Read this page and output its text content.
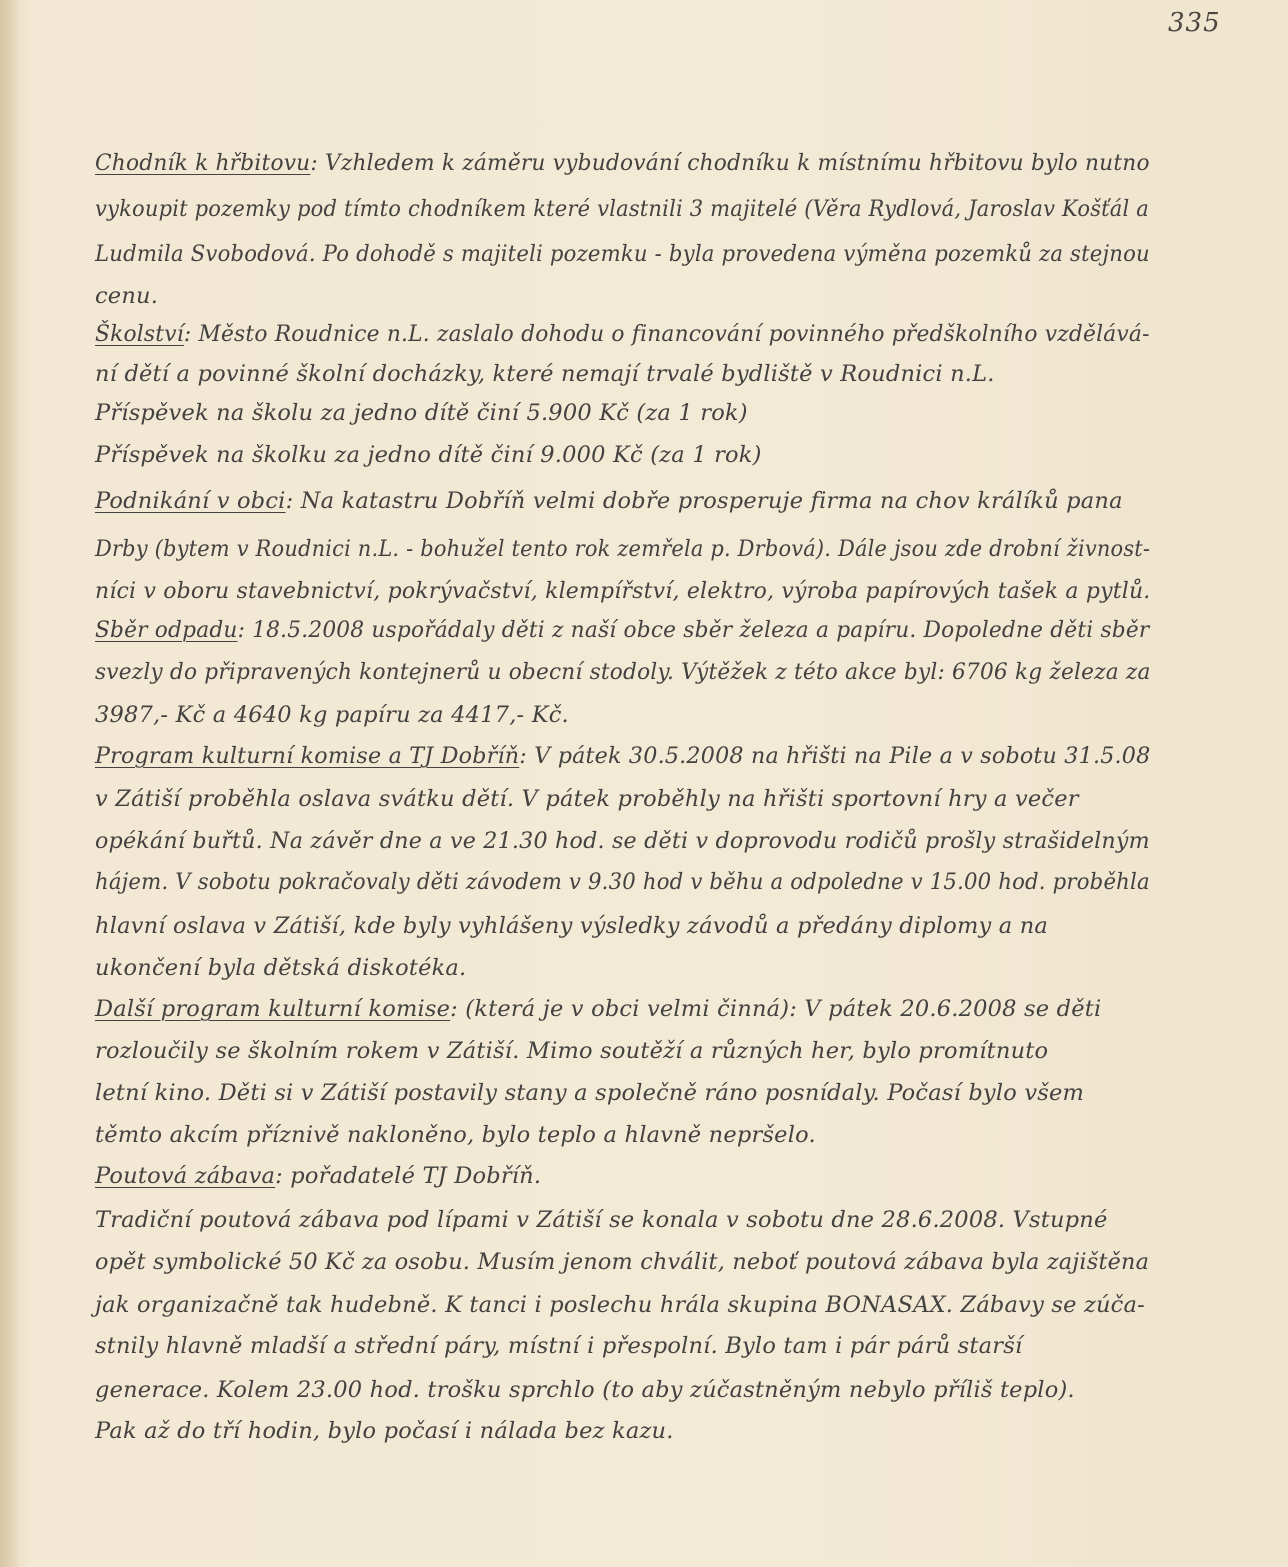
335
Chodník k hřbitovu: Vzhledem k záměru vybudování chodníku k místnímu hřbitovu bylo nutno
vykoupit pozemky pod tímto chodníkem které vlastnili 3 majitelé (Věra Rydlová, Jaroslav Košťál a
Ludmila Svobodová. Po dohodě s majiteli pozemku - byla provedena výměna pozemků za stejnou
cenu.
Školství: Město Roudnice n.L. zaslalo dohodu o financování povinného předškolního vzdělává-
ní dětí a povinné školní docházky, které nemají trvalé bydliště v Roudnici n.L.
Příspěvek na školu za jedno dítě činí 5.900 Kč (za 1 rok)
Příspěvek na školku za jedno dítě činí 9.000 Kč (za 1 rok)
Podnikání v obci: Na katastru Dobříň velmi dobře prosperuje firma na chov králíků pana
Drby (bytem v Roudnici n.L. - bohužel tento rok zemřela p. Drbová). Dále jsou zde drobní živnost-
níci v oboru stavebnictví, pokrývačství, klempířství, elektro, výroba papírových tašek a pytlů.
Sběr odpadu: 18.5.2008 uspořádaly děti z naší obce sběr železa a papíru. Dopoledne děti sběr
svezly do připravených kontejnerů u obecní stodoly. Výtěžek z této akce byl: 6706 kg železa za
3987,- Kč a 4640 kg papíru za 4417,- Kč.
Program kulturní komise a TJ Dobříň: V pátek 30.5.2008 na hřišti na Pile a v sobotu 31.5.08
v Zátiší proběhla oslava svátku dětí. V pátek proběhly na hřišti sportovní hry a večer
opékání buřtů. Na závěr dne a ve 21.30 hod. se děti v doprovodu rodičů prošly strašidelným
hájem. V sobotu pokračovaly děti závodem v 9.30 hod v běhu a odpoledne v 15.00 hod. proběhla
hlavní oslava v Zátiší, kde byly vyhlášeny výsledky závodů a předány diplomy a na
ukončení byla dětská diskotéka.
Další program kulturní komise: (která je v obci velmi činná): V pátek 20.6.2008 se děti
rozloučily se školním rokem v Zátiší. Mimo soutěží a různých her, bylo promítnuto
letní kino. Děti si v Zátiší postavily stany a společně ráno posnídaly. Počasí bylo všem
těmto akcím příznivě nakloněno, bylo teplo a hlavně nepršelo.
Poutová zábava: pořadatelé TJ Dobříň.
Tradiční poutová zábava pod lípami v Zátiší se konala v sobotu dne 28.6.2008. Vstupné
opět symbolické 50 Kč za osobu. Musím jenom chválit, neboť poutová zábava byla zajištěna
jak organizačně tak hudebně. K tanci i poslechu hrála skupina BONASAX. Zábavy se zúča-
stnily hlavně mladší a střední páry, místní i přespolní. Bylo tam i pár párů starší
generace. Kolem 23.00 hod. trošku sprchlo (to aby zúčastněným nebylo příliš teplo).
Pak až do tří hodin, bylo počasí i nálada bez kazu.
